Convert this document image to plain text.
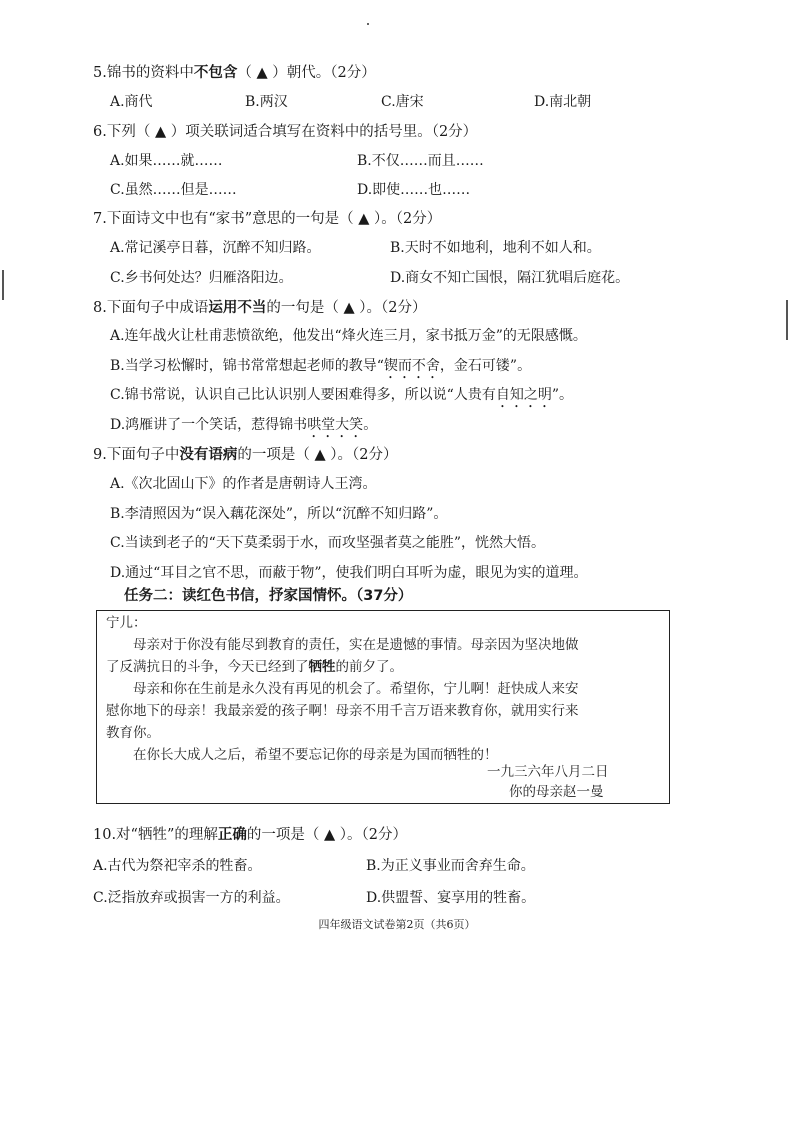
5.锦书的资料中不包含（ ▲ ）朝代。（2分）
A.商代	B.两汉	C.唐宋	D.南北朝
6.下列（ ▲ ）项关联词适合填写在资料中的括号里。（2分）
A.如果……就……	B.不仅……而且……
C.虽然……但是……	D.即使……也……
7.下面诗文中也有“家书”意思的一句是（ ▲ ）。（2分）
A.常记溪亭日暮，沉醉不知归路。	B.天时不如地利，地利不如人和。
C.乡书何处达？归雁洛阳边。	D.商女不知亡国恨，隔江犹唱后庭花。
8.下面句子中成语运用不当的一句是（ ▲ ）。（2分）
A.连年战火让杜甫悲愤欲绝，他发出“烽火连三月，家书抵万金”的无限感慨。
B.当学习松懈时，锦书常常想起老师的教导“锲而不舍，金石可镂”。
C.锦书常说，认识自己比认识别人要困难得多，所以说“人贵有自知之明”。
D.鸿雁讲了一个笑话，惹得锦书哄堂大笑。
9.下面句子中没有语病的一项是（ ▲ ）。（2分）
A.《次北固山下》的作者是唐朝诗人王湾。
B.李清照因为“误入藕花深处”，所以“沉醉不知归路”。
C.当读到老子的“天下莫柔弱于水，而攻坚强者莫之能胜”，恍然大悟。
D.通过“耳目之官不思，而蔽于物”，使我们明白耳听为虚，眼见为实的道理。
任务二：读红色书信，抒家国情怀。（37分）
宁儿：
母亲对于你没有能尽到教育的责任，实在是遗憾的事情。母亲因为坚决地做
了反满抗日的斗争，今天已经到了牺牲的前夕了。
母亲和你在生前是永久没有再见的机会了。希望你，宁儿啊！赶快成人来安
慰你地下的母亲！我最亲爱的孩子啊！母亲不用千言万语来教育你，就用实行来
教育你。
在你长大成人之后，希望不要忘记你的母亲是为国而牺牲的！
一九三六年八月二日
你的母亲赵一曼
10.对“牺牲”的理解正确的一项是（ ▲ ）。（2分）
A.古代为祭祀宰杀的牲畜。	B.为正义事业而舍弃生命。
C.泛指放弃或损害一方的利益。	D.供盟誓、宴享用的牲畜。
四年级语文试卷第2页（共6页）
